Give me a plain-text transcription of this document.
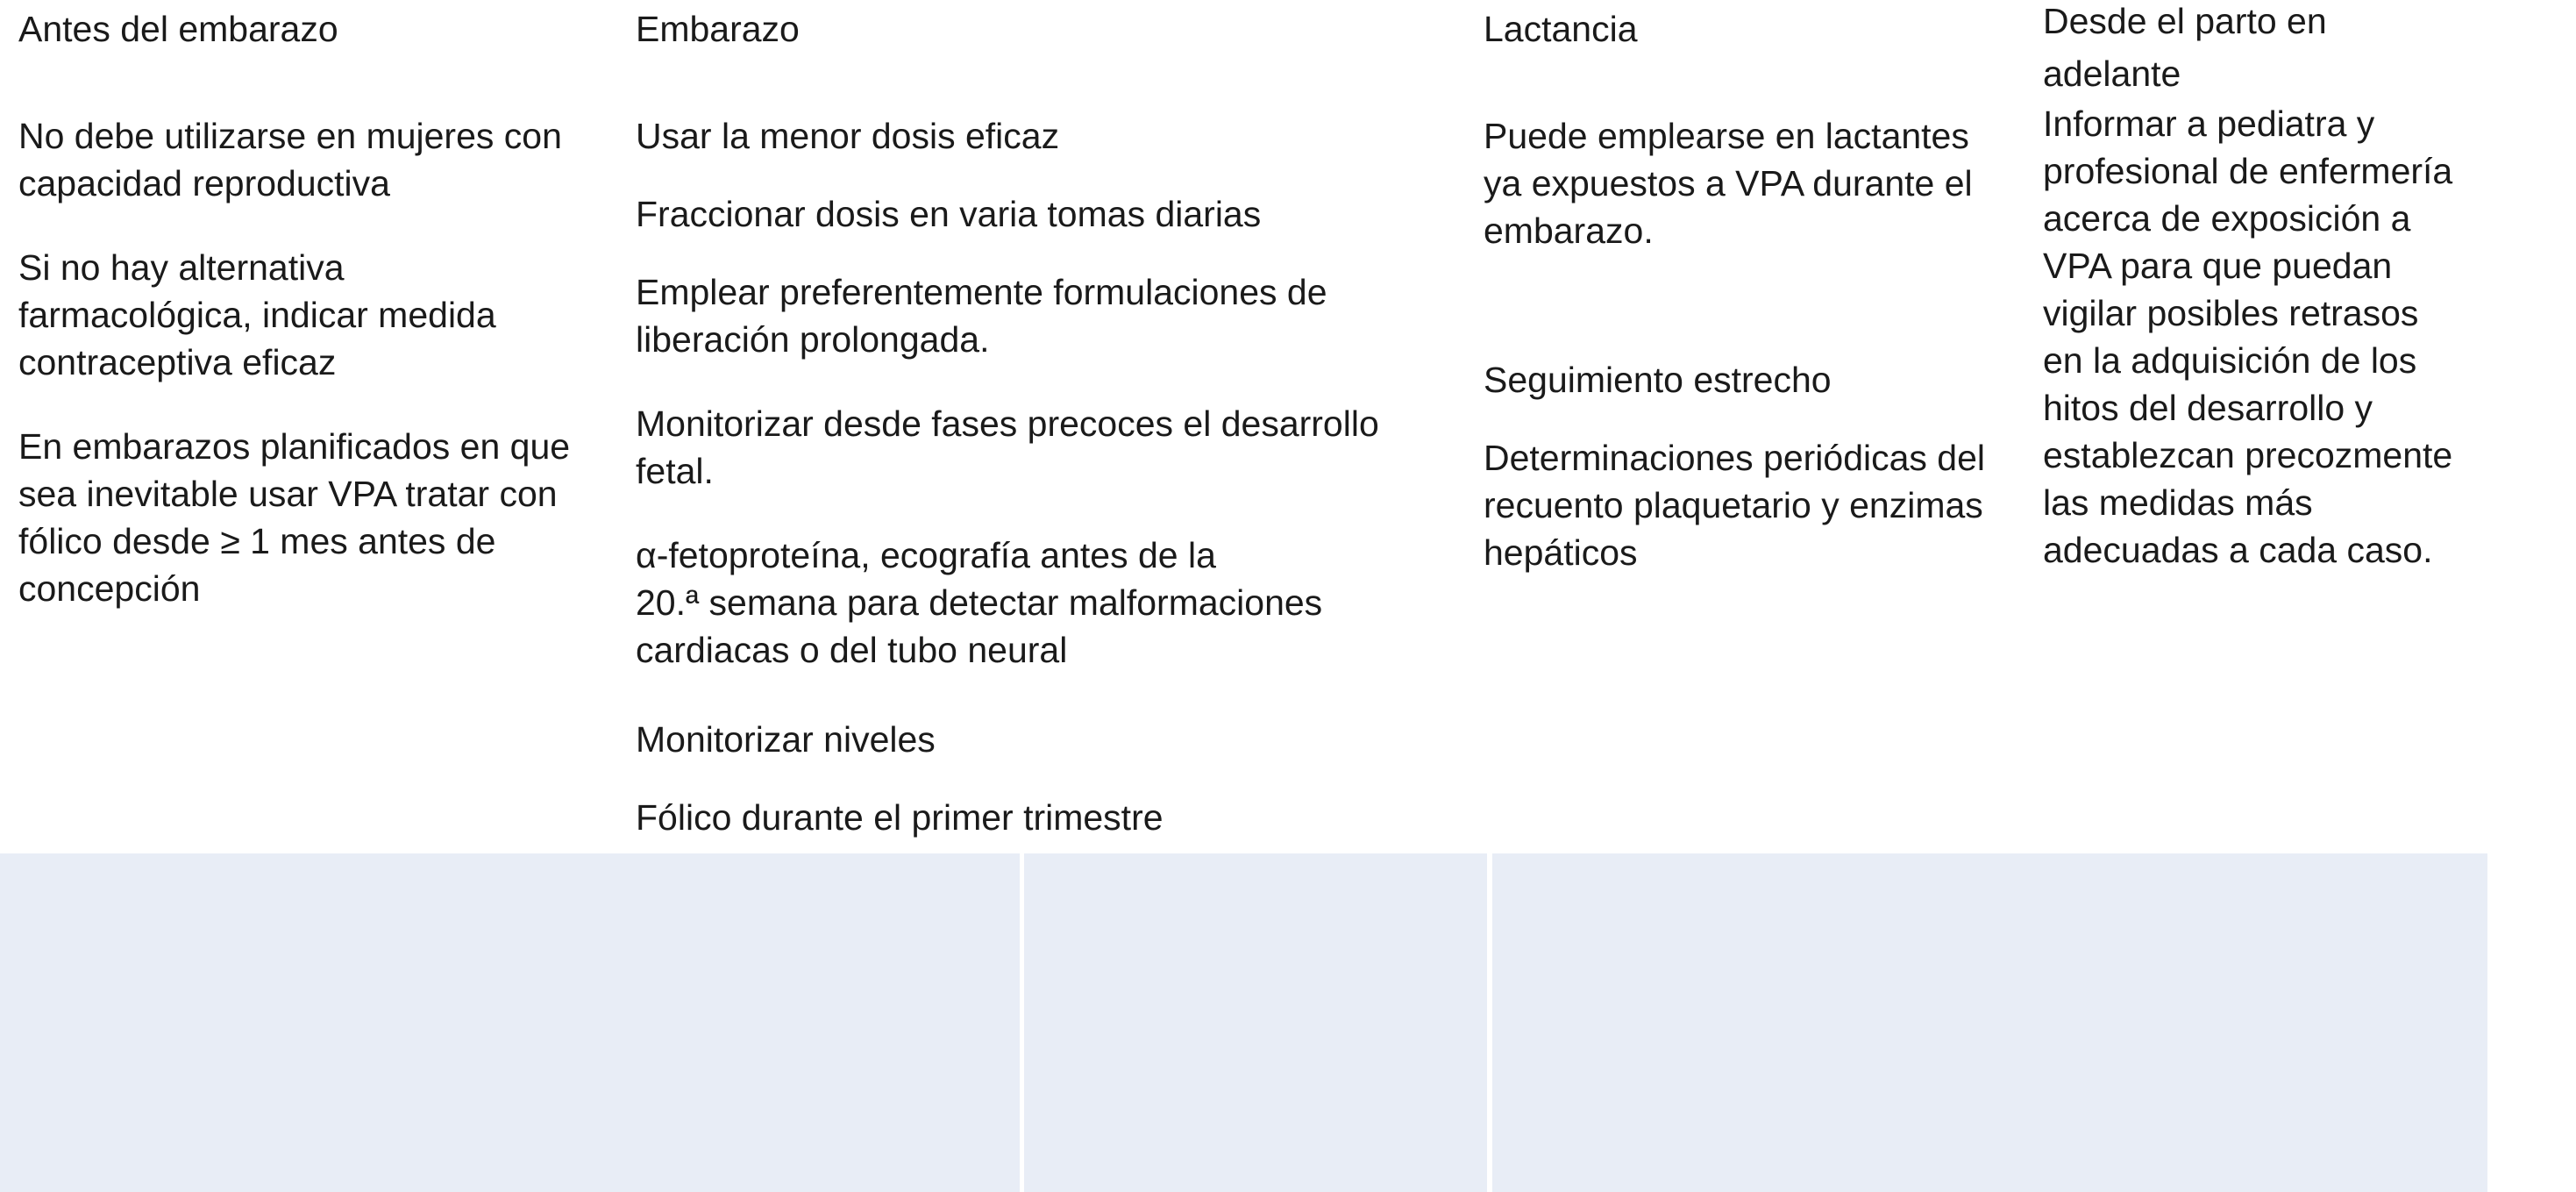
Antes del embarazo

No debe utilizarse en mujeres con
capacidad reproductiva

Si no hay alternativa
farmacológica, indicar medida
contraceptiva eficaz

En embarazos planificados en que
sea inevitable usar VPA tratar con
fólico desde ≥ 1 mes antes de
concepción

Embarazo

Usar la menor dosis eficaz

Fraccionar dosis en varia tomas diarias

Emplear preferentemente formulaciones de
liberación prolongada.

Monitorizar desde fases precoces el desarrollo
fetal.

α-fetoproteína, ecografía antes de la
20.ª semana para detectar malformaciones
cardiacas o del tubo neural

Monitorizar niveles

Fólico durante el primer trimestre

Lactancia

Puede emplearse en lactantes
ya expuestos a VPA durante el
embarazo.

Seguimiento estrecho

Determinaciones periódicas del
recuento plaquetario y enzimas
hepáticos

Desde el parto en
adelante

Informar a pediatra y
profesional de enfermería
acerca de exposición a
VPA para que puedan
vigilar posibles retrasos
en la adquisición de los
hitos del desarrollo y
establezcan precozmente
las medidas más
adecuadas a cada caso.
